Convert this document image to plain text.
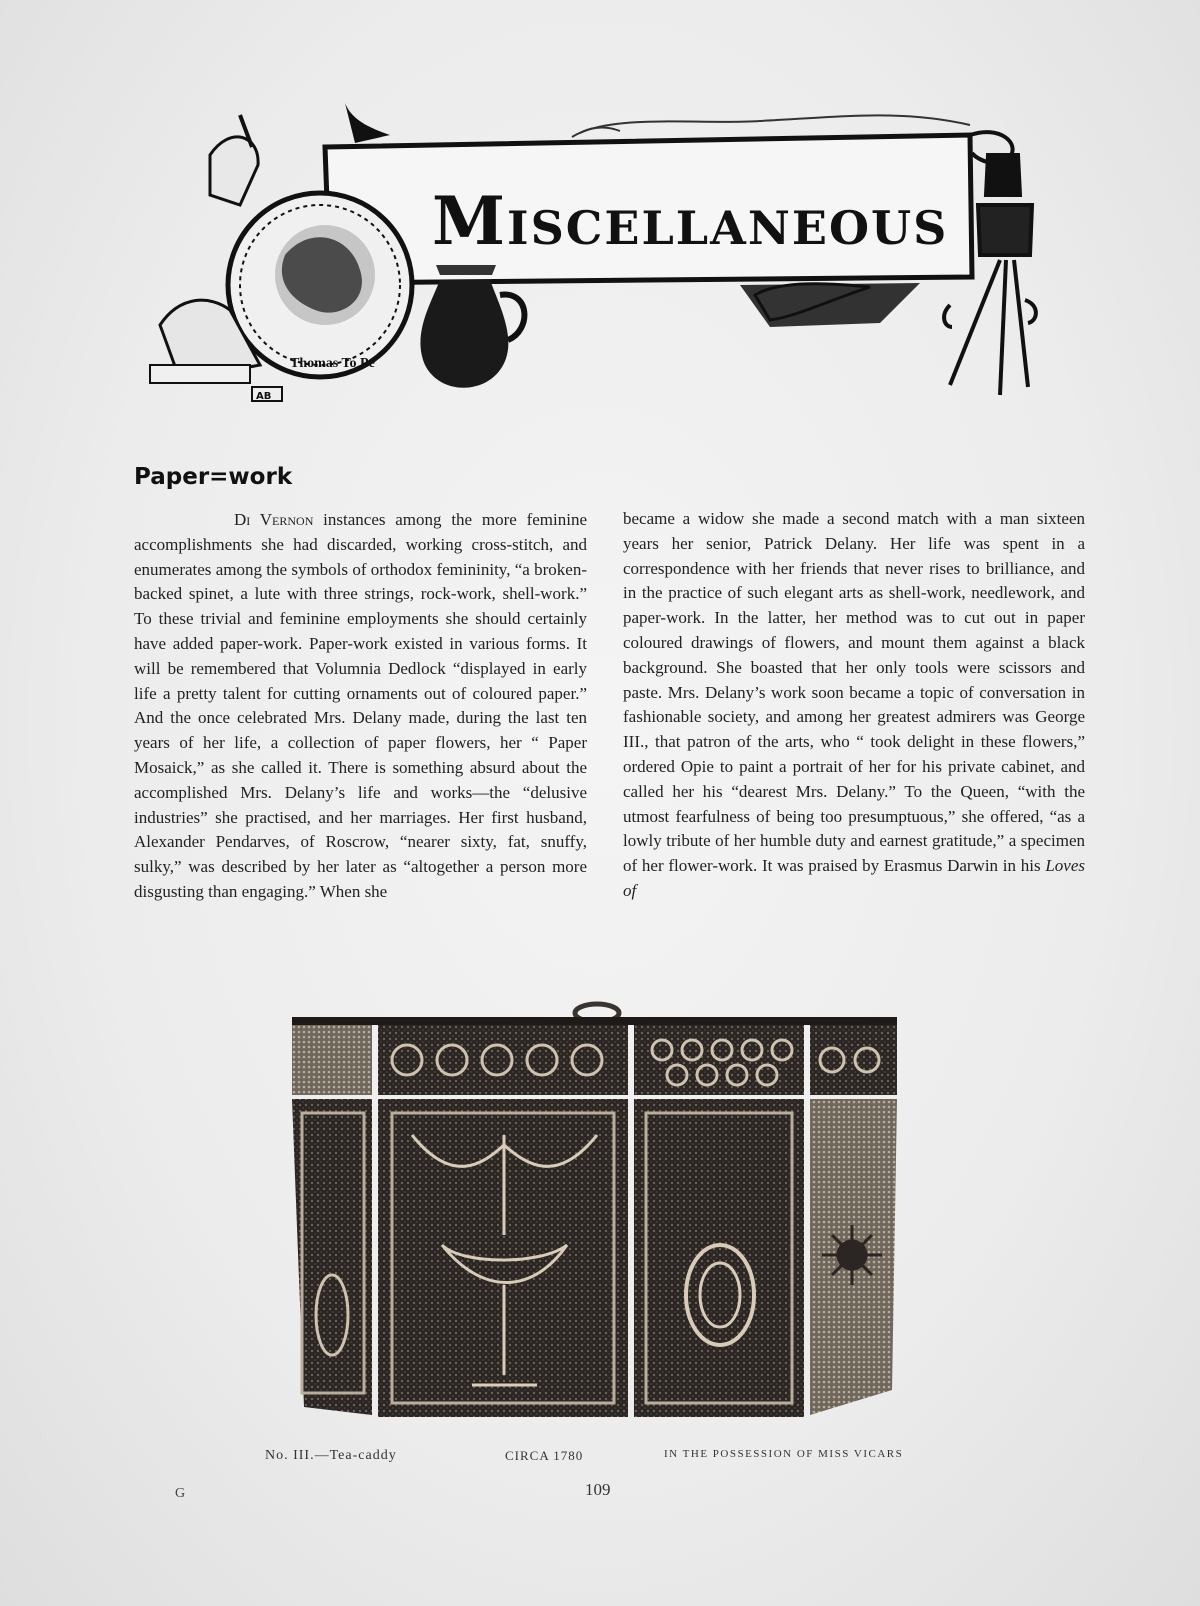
Thomas To Pe
AB
Miscellaneous
Paper=work

Di Vernon instances among the more feminine accomplishments she had discarded, working cross-stitch, and enumerates among the symbols of orthodox femininity, “a broken-backed spinet, a lute with three strings, rock-work, shell-work.” To these trivial and feminine employments she should certainly have added paper-work. Paper-work existed in various forms. It will be remembered that Volumnia Dedlock “displayed in early life a pretty talent for cutting ornaments out of coloured paper.” And the once celebrated Mrs. Delany made, during the last ten years of her life, a collection of paper flowers, her “ Paper Mosaick,” as she called it. There is something absurd about the accomplished Mrs. Delany’s life and works—the “delusive industries” she practised, and her marriages. Her first husband, Alexander Pendarves, of Roscrow, “nearer sixty, fat, snuffy, sulky,” was described by her later as “altogether a person more disgusting than engaging.” When she

became a widow she made a second match with a man sixteen years her senior, Patrick Delany. Her life was spent in a correspondence with her friends that never rises to brilliance, and in the practice of such elegant arts as shell-work, needlework, and paper-work. In the latter, her method was to cut out in paper coloured drawings of flowers, and mount them against a black background. She boasted that her only tools were scissors and paste. Mrs. Delany’s work soon became a topic of conversation in fashionable society, and among her greatest admirers was George III., that patron of the arts, who “ took delight in these flowers,” ordered Opie to paint a portrait of her for his private cabinet, and called her his “dearest Mrs. Delany.” To the Queen, “with the utmost fearfulness of being too presumptuous,” she offered, “as a lowly tribute of her humble duty and earnest gratitude,” a specimen of her flower-work. It was praised by Erasmus Darwin in his Loves of

No. III.—Tea-caddy	CIRCA 1780	IN THE POSSESSION OF MISS VICARS
G	109
